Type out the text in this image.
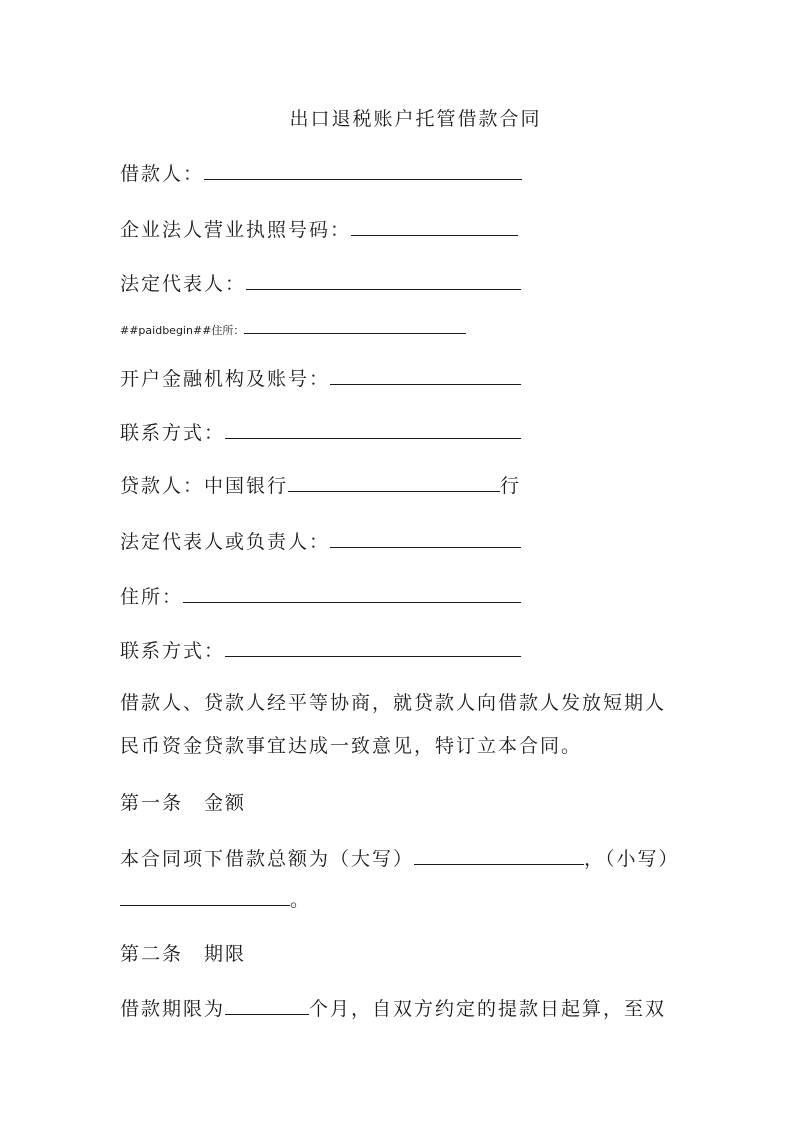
出口退税账户托管借款合同
借款人：
企业法人营业执照号码：
法定代表人：
##paidbegin##住所：
开户金融机构及账号：
联系方式：
贷款人：中国银行	行
法定代表人或负责人：
住所：
联系方式：
借款人、贷款人经平等协商，就贷款人向借款人发放短期人
民币资金贷款事宜达成一致意见，特订立本合同。
第一条　金额
本合同项下借款总额为（大写）	，（小写）
。
第二条　期限
借款期限为	个月，自双方约定的提款日起算，至双
